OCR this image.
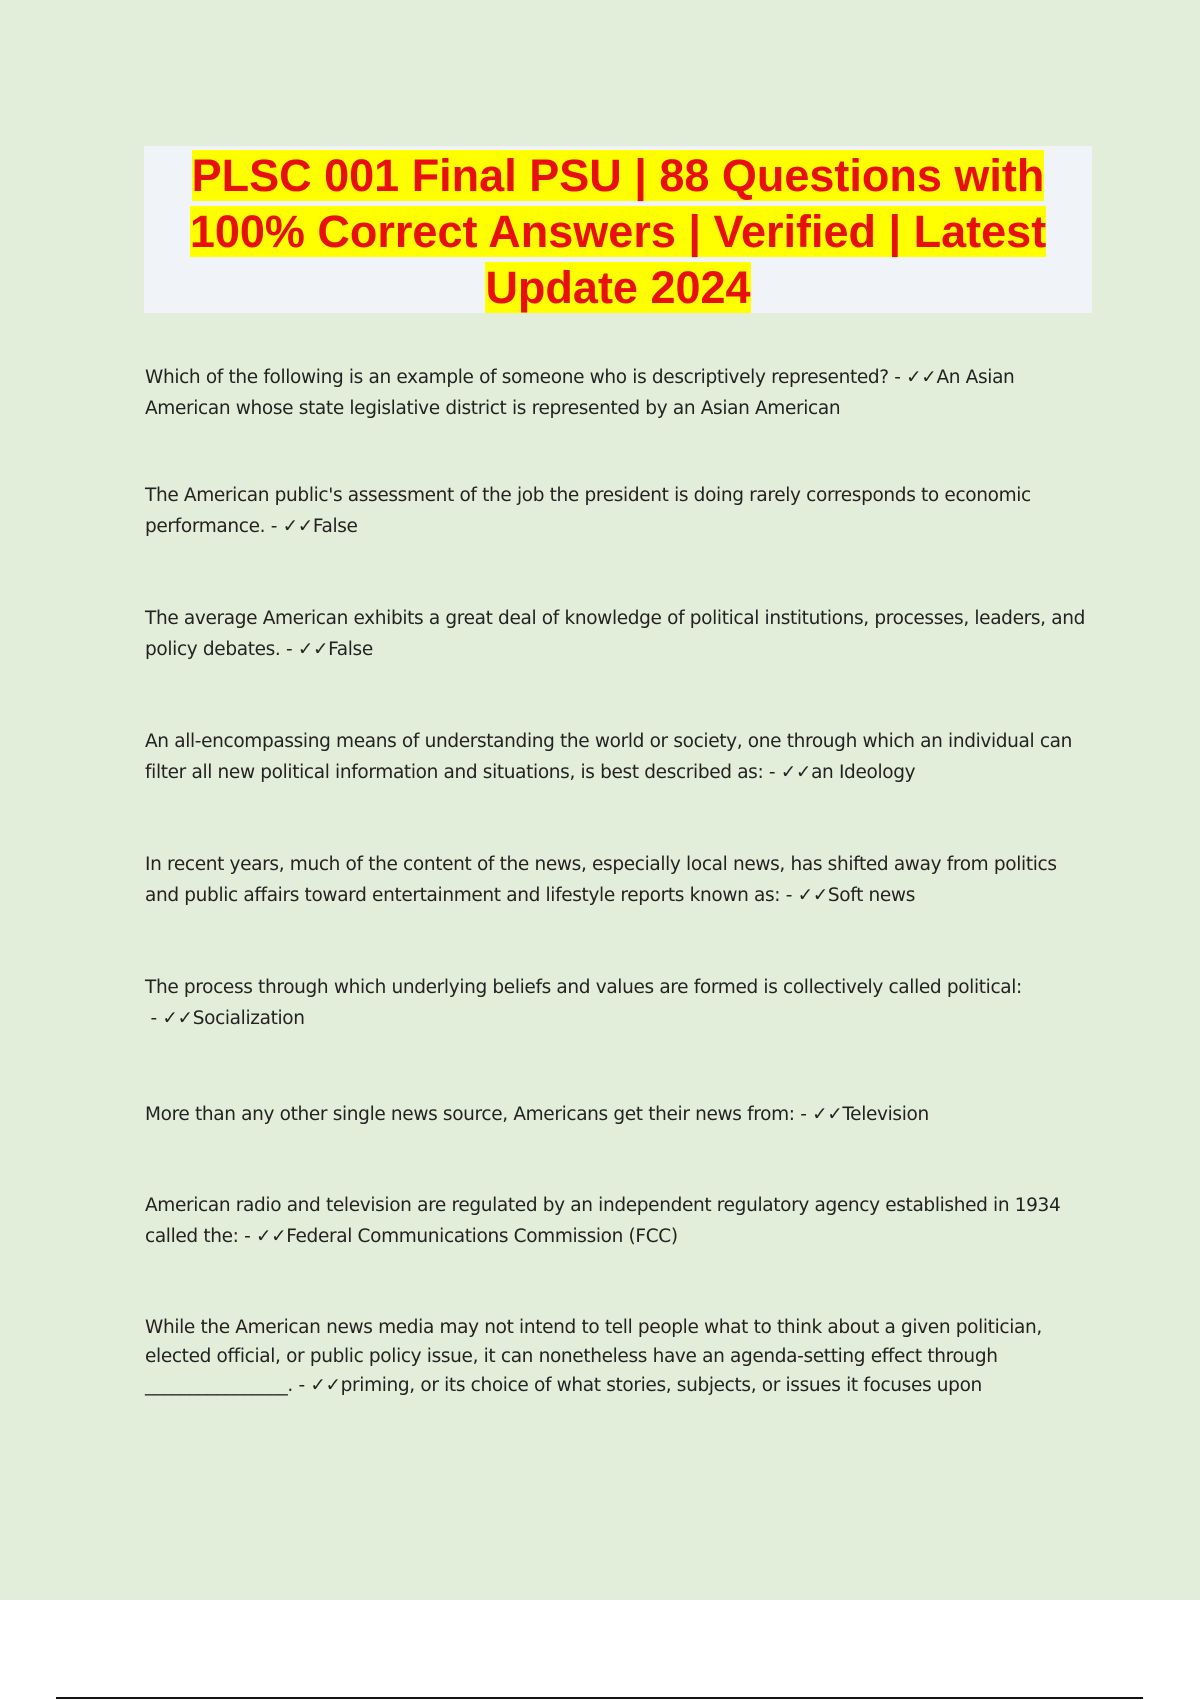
PLSC 001 Final PSU | 88 Questions with 100% Correct Answers | Verified | Latest Update 2024

Which of the following is an example of someone who is descriptively represented? - ✓✓An Asian American whose state legislative district is represented by an Asian American

The American public's assessment of the job the president is doing rarely corresponds to economic performance. - ✓✓False

The average American exhibits a great deal of knowledge of political institutions, processes, leaders, and policy debates. - ✓✓False

An all-encompassing means of understanding the world or society, one through which an individual can filter all new political information and situations, is best described as: - ✓✓an Ideology

In recent years, much of the content of the news, especially local news, has shifted away from politics and public affairs toward entertainment and lifestyle reports known as: - ✓✓Soft news

The process through which underlying beliefs and values are formed is collectively called political: - ✓✓Socialization

More than any other single news source, Americans get their news from: - ✓✓Television

American radio and television are regulated by an independent regulatory agency established in 1934 called the: - ✓✓Federal Communications Commission (FCC)

While the American news media may not intend to tell people what to think about a given politician, elected official, or public policy issue, it can nonetheless have an agenda-setting effect through ________________. - ✓✓priming, or its choice of what stories, subjects, or issues it focuses upon
